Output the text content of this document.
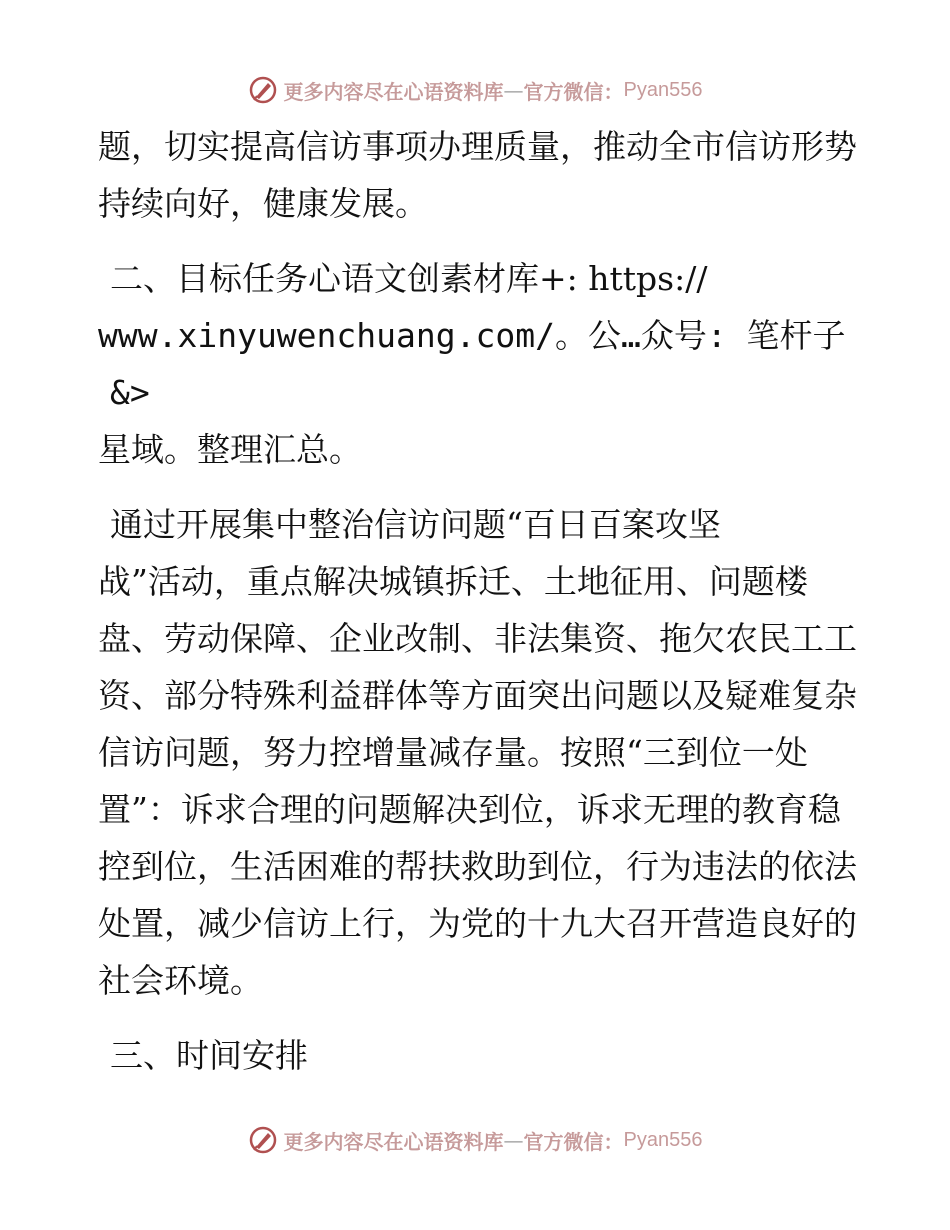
更多内容尽在心语资料库 — 官方微信： Pyan556

题，切实提高信访事项办理质量，推动全市信访形势持续向好，健康发展。

二、目标任务心语文创素材库+: https://
www.xinyuwenchuang.com/。公…众号: 笔杆子&>
星域。整理汇总。

通过开展集中整治信访问题“百日百案攻坚
战”活动，重点解决城镇拆迁、土地征用、问题楼盘、劳动保障、企业改制、非法集资、拖欠农民工工资、部分特殊利益群体等方面突出问题以及疑难复杂信访问题，努力控增量减存量。按照“三到位一处置”：诉求合理的问题解决到位，诉求无理的教育稳控到位，生活困难的帮扶救助到位，行为违法的依法处置，减少信访上行，为党的十九大召开营造良好的社会环境。

三、时间安排

更多内容尽在心语资料库 — 官方微信： Pyan556
